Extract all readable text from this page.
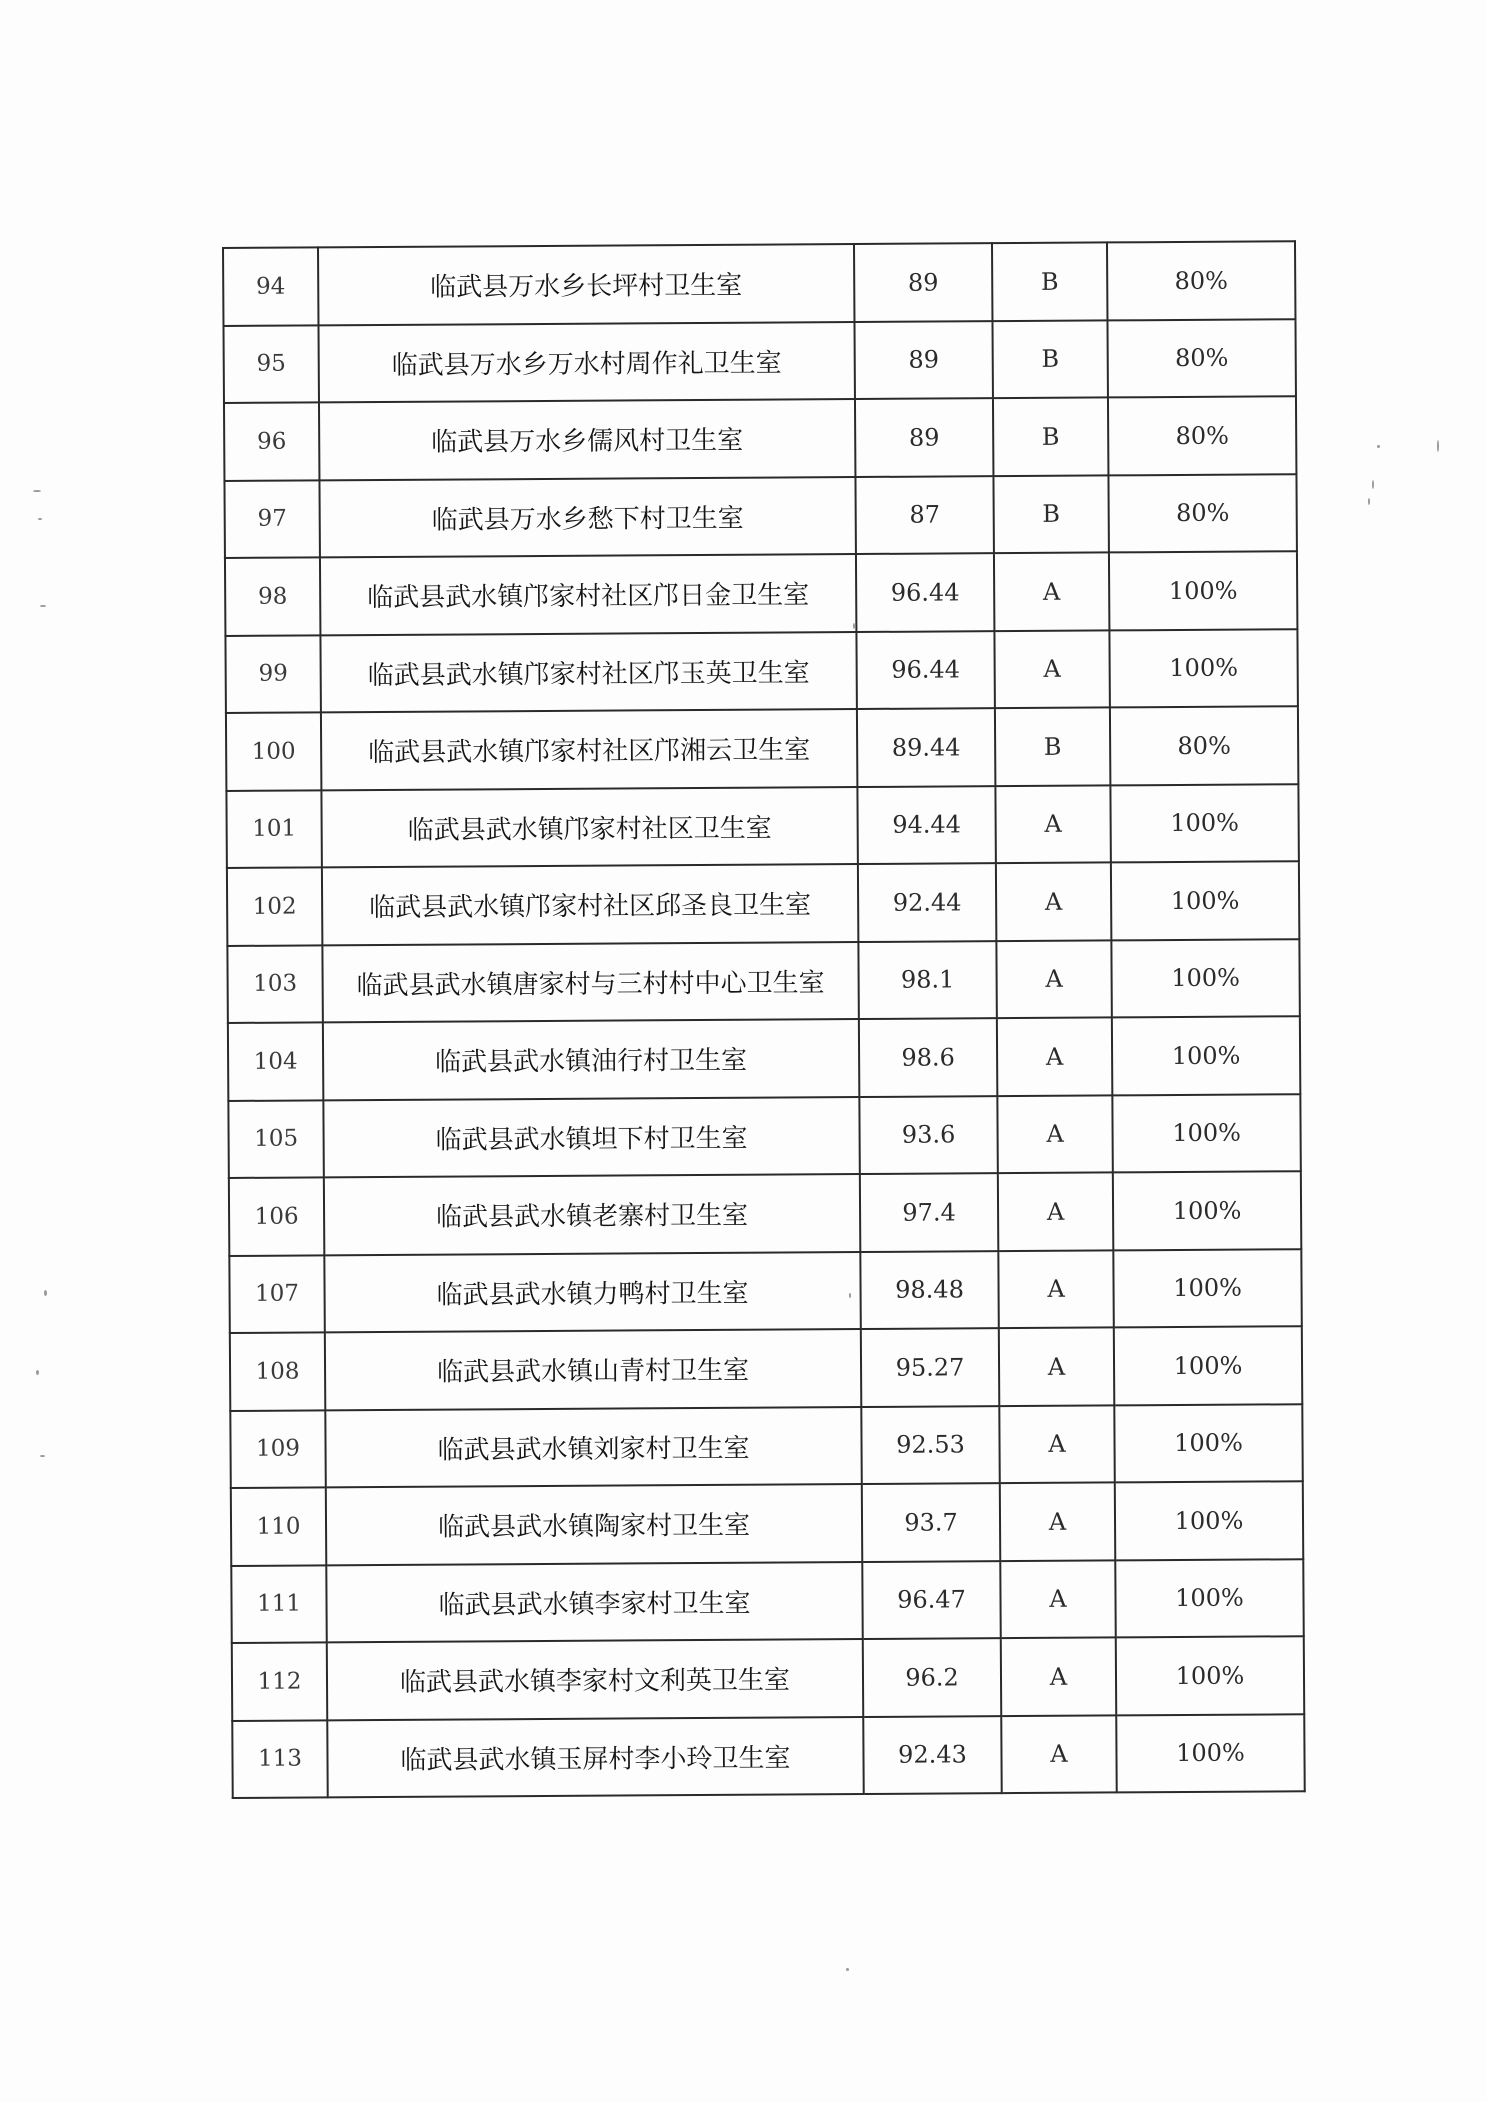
94	临武县万水乡长坪村卫生室	89	B	80%
95	临武县万水乡万水村周作礼卫生室	89	B	80%
96	临武县万水乡儒风村卫生室	89	B	80%
97	临武县万水乡愁下村卫生室	87	B	80%
98	临武县武水镇邝家村社区邝日金卫生室	96.44	A	100%
99	临武县武水镇邝家村社区邝玉英卫生室	96.44	A	100%
100	临武县武水镇邝家村社区邝湘云卫生室	89.44	B	80%
101	临武县武水镇邝家村社区卫生室	94.44	A	100%
102	临武县武水镇邝家村社区邱圣良卫生室	92.44	A	100%
103	临武县武水镇唐家村与三村村中心卫生室	98.1	A	100%
104	临武县武水镇油行村卫生室	98.6	A	100%
105	临武县武水镇坦下村卫生室	93.6	A	100%
106	临武县武水镇老寨村卫生室	97.4	A	100%
107	临武县武水镇力鸭村卫生室	98.48	A	100%
108	临武县武水镇山青村卫生室	95.27	A	100%
109	临武县武水镇刘家村卫生室	92.53	A	100%
110	临武县武水镇陶家村卫生室	93.7	A	100%
111	临武县武水镇李家村卫生室	96.47	A	100%
112	临武县武水镇李家村文利英卫生室	96.2	A	100%
113	临武县武水镇玉屏村李小玲卫生室	92.43	A	100%
